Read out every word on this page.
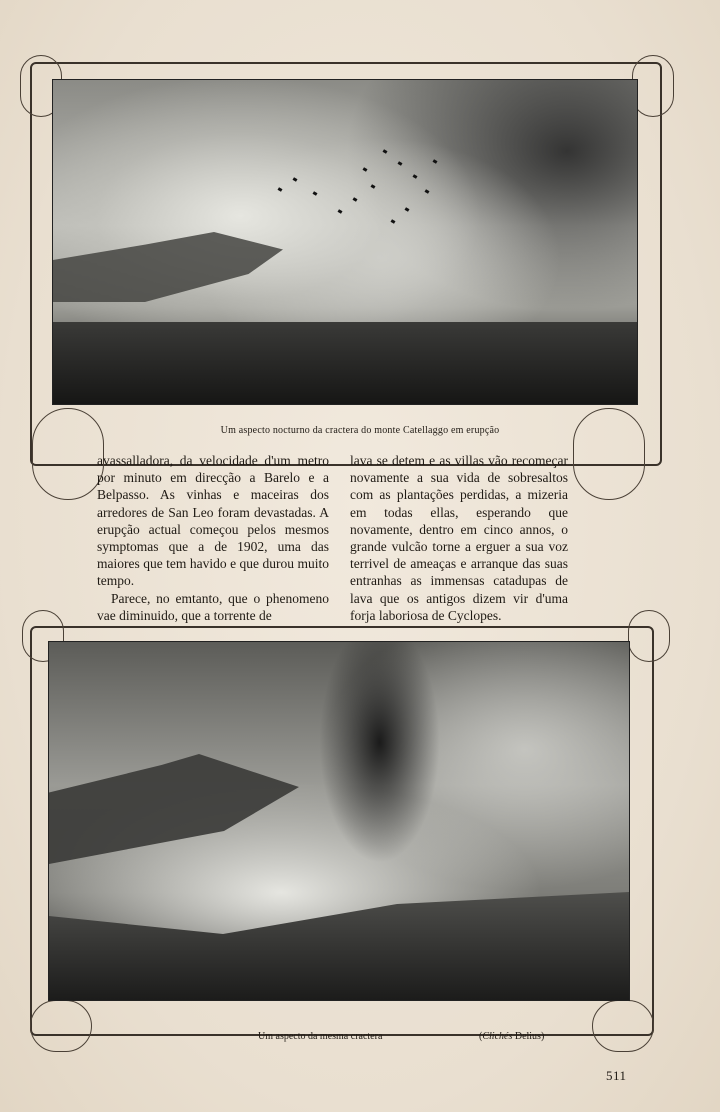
Um aspecto nocturno da cractera do monte Catellaggo em erupção

avassalladora, da velocidade d'um metro por minuto em direcção a Barelo e a Belpasso. As vinhas e maceiras dos arredores de San Leo foram devastadas. A erupção actual começou pelos mesmos symptomas que a de 1902, uma das maiores que tem havido e que durou muito tempo.

Parece, no emtanto, que o phenomeno vae diminuido, que a torrente de

lava se detem e as villas vão recomeçar novamente a sua vida de sobresaltos com as plantações perdidas, a mizeria em todas ellas, esperando que novamente, dentro em cinco annos, o grande vulcão torne a erguer a sua voz terrivel de ameaças e arranque das suas entranhas as immensas catadupas de lava que os antigos dizem vir d'uma forja laboriosa de Cyclopes.

Um aspecto da mesma cractera	(Clichés Delius)
511
